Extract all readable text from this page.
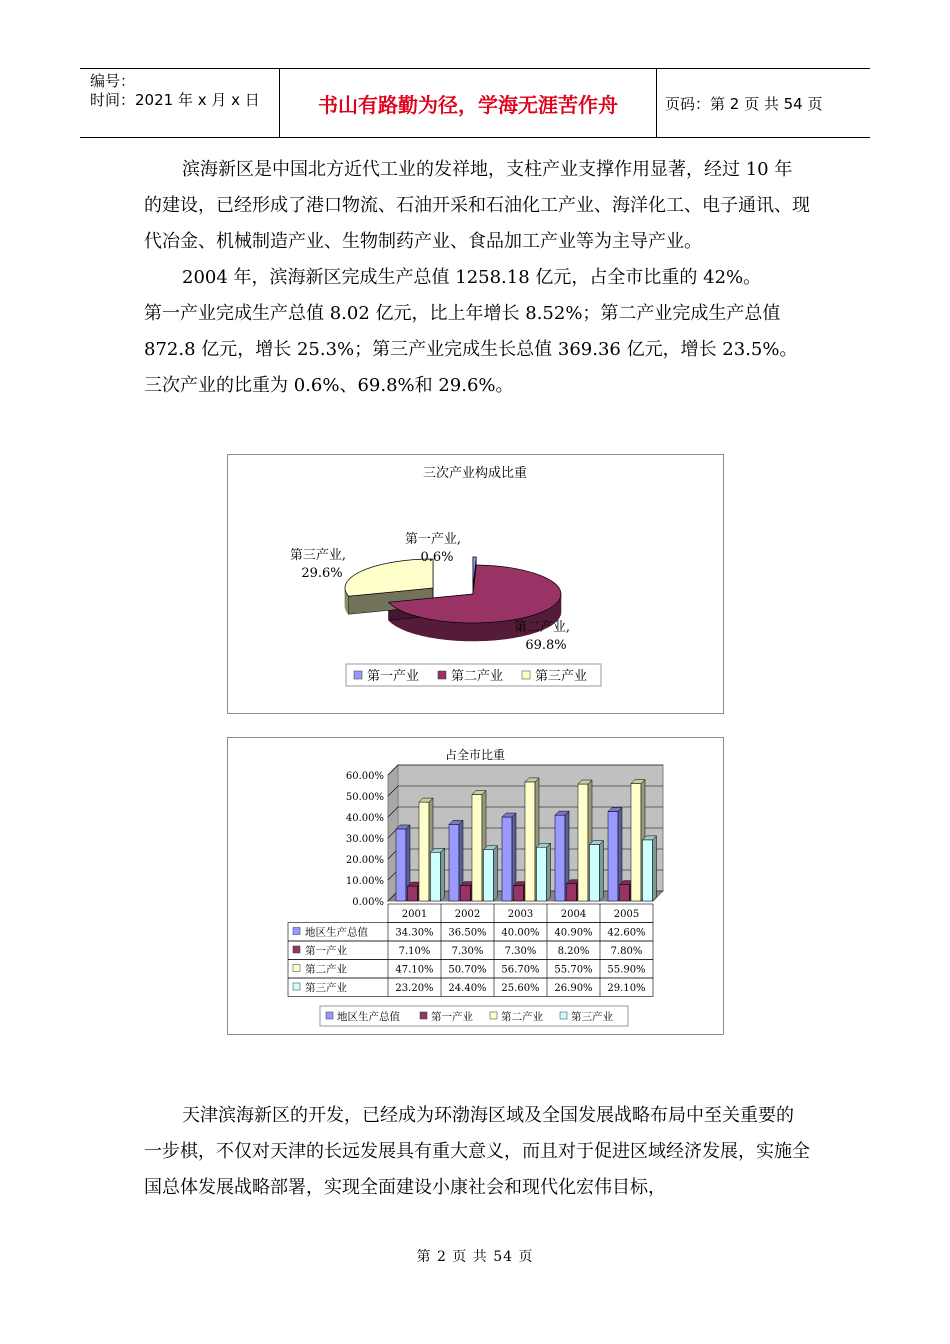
编号：
时间：2021 年 x 月 x 日	书山有路勤为径，学海无涯苦作舟	页码：第 2 页 共 54 页
滨海新区是中国北方近代工业的发祥地，支柱产业支撑作用显著，经过 10 年的建设，已经形成了港口物流、石油开采和石油化工产业、海洋化工、电子通讯、现代冶金、机械制造产业、生物制药产业、食品加工产业等为主导产业。
2004 年，滨海新区完成生产总值 1258.18 亿元，占全市比重的 42%。
第一产业完成生产总值 8.02 亿元，比上年增长 8.52%；第二产业完成生产总值 872.8 亿元，增长 25.3%；第三产业完成生长总值 369.36 亿元，增长 23.5%。三次产业的比重为 0.6%、69.8%和 29.6%。
三次产业构成比重
第一产业,
0.6%
第二产业,
69.8%
第三产业,
29.6%
第一产业 第二产业 第三产业
占全市比重
0.00%
10.00%
20.00%
30.00%
40.00%
50.00%
60.00%
2001	2002	2003	2004	2005
地区生产总值	34.30% 36.50% 40.00% 40.90% 42.60%
第一产业	7.10% 7.30% 7.30% 8.20% 7.80%
第二产业	47.10% 50.70% 56.70% 55.70% 55.90%
第三产业	23.20% 24.40% 25.60% 26.90% 29.10%
地区生产总值	第一产业	第二产业	第三产业
天津滨海新区的开发，已经成为环渤海区域及全国发展战略布局中至关重要的一步棋，不仅对天津的长远发展具有重大意义，而且对于促进区域经济发展，实施全国总体发展战略部署，实现全面建设小康社会和现代化宏伟目标，
第 2 页 共 54 页
